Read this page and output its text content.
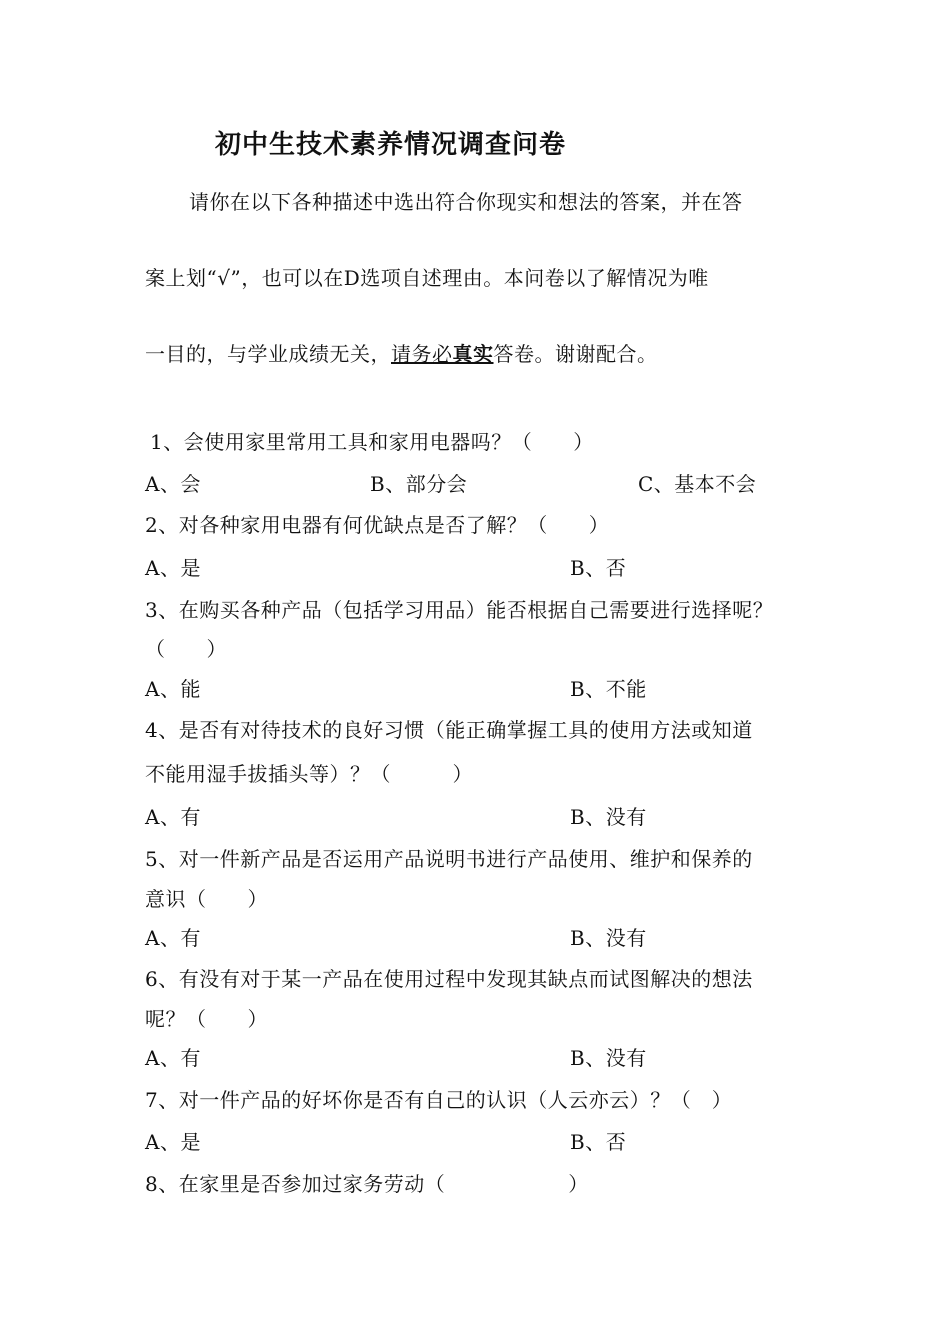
初中生技术素养情况调查问卷
请你在以下各种描述中选出符合你现实和想法的答案，并在答
案上划“√”，也可以在D选项自述理由。本问卷以了解情况为唯
一目的，与学业成绩无关，请务必真实答卷。谢谢配合。
1、会使用家里常用工具和家用电器吗？（　　）
A、会	B、部分会	C、基本不会
2、对各种家用电器有何优缺点是否了解？（　　）
A、是	B、否
3、在购买各种产品（包括学习用品）能否根据自己需要进行选择呢？
（　　）
A、能	B、不能
4、是否有对待技术的良好习惯（能正确掌握工具的使用方法或知道
不能用湿手拔插头等）？（　　　）
A、有	B、没有
5、对一件新产品是否运用产品说明书进行产品使用、维护和保养的
意识（　　）
A、有	B、没有
6、有没有对于某一产品在使用过程中发现其缺点而试图解决的想法
呢？（　　）
A、有	B、没有
7、对一件产品的好坏你是否有自己的认识（人云亦云）？（　）
A、是	B、否
8、在家里是否参加过家务劳动（　　　　　　）
